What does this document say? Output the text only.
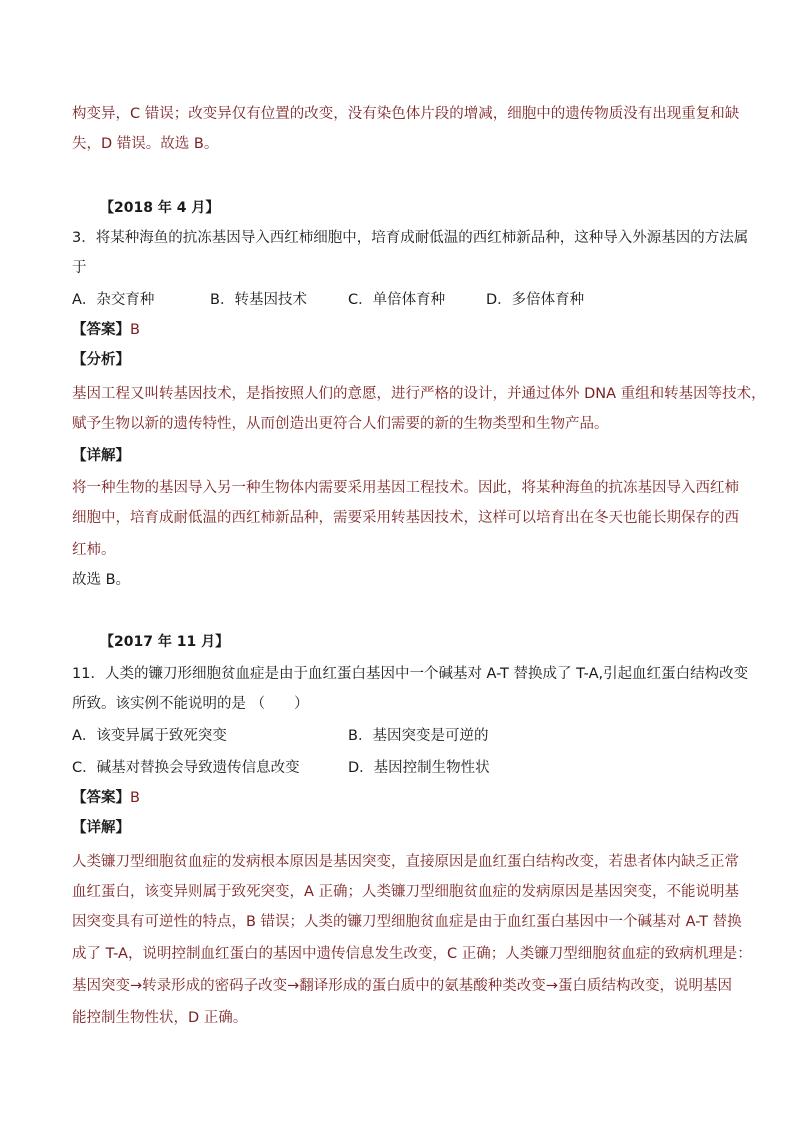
构变异，C 错误；改变异仅有位置的改变，没有染色体片段的增减，细胞中的遗传物质没有出现重复和缺
失，D 错误。故选 B。
【2018 年 4 月】
3．将某种海鱼的抗冻基因导入西红柿细胞中，培育成耐低温的西红柿新品种，这种导入外源基因的方法属
于
A．杂交育种	B．转基因技术	C．单倍体育种	D．多倍体育种
【答案】B
【分析】
基因工程又叫转基因技术，是指按照人们的意愿，进行严格的设计，并通过体外 DNA 重组和转基因等技术，
赋予生物以新的遗传特性，从而创造出更符合人们需要的新的生物类型和生物产品。
【详解】
将一种生物的基因导入另一种生物体内需要采用基因工程技术。因此，将某种海鱼的抗冻基因导入西红柿
细胞中，培育成耐低温的西红柿新品种，需要采用转基因技术，这样可以培育出在冬天也能长期保存的西
红柿。
故选 B。
【2017 年 11 月】
11．人类的镰刀形细胞贫血症是由于血红蛋白基因中一个碱基对 A-T 替换成了 T-A,引起血红蛋白结构改变
所致。该实例不能说明的是 （　　）
A．该变异属于致死突变	B．基因突变是可逆的
C．碱基对替换会导致遗传信息改变	D．基因控制生物性状
【答案】B
【详解】
人类镰刀型细胞贫血症的发病根本原因是基因突变，直接原因是血红蛋白结构改变，若患者体内缺乏正常
血红蛋白，该变异则属于致死突变，A 正确；人类镰刀型细胞贫血症的发病原因是基因突变，不能说明基
因突变具有可逆性的特点，B 错误；人类的镰刀型细胞贫血症是由于血红蛋白基因中一个碱基对 A-T 替换
成了 T-A，说明控制血红蛋白的基因中遗传信息发生改变，C 正确；人类镰刀型细胞贫血症的致病机理是：
基因突变→转录形成的密码子改变→翻译形成的蛋白质中的氨基酸种类改变→蛋白质结构改变，说明基因
能控制生物性状，D 正确。
